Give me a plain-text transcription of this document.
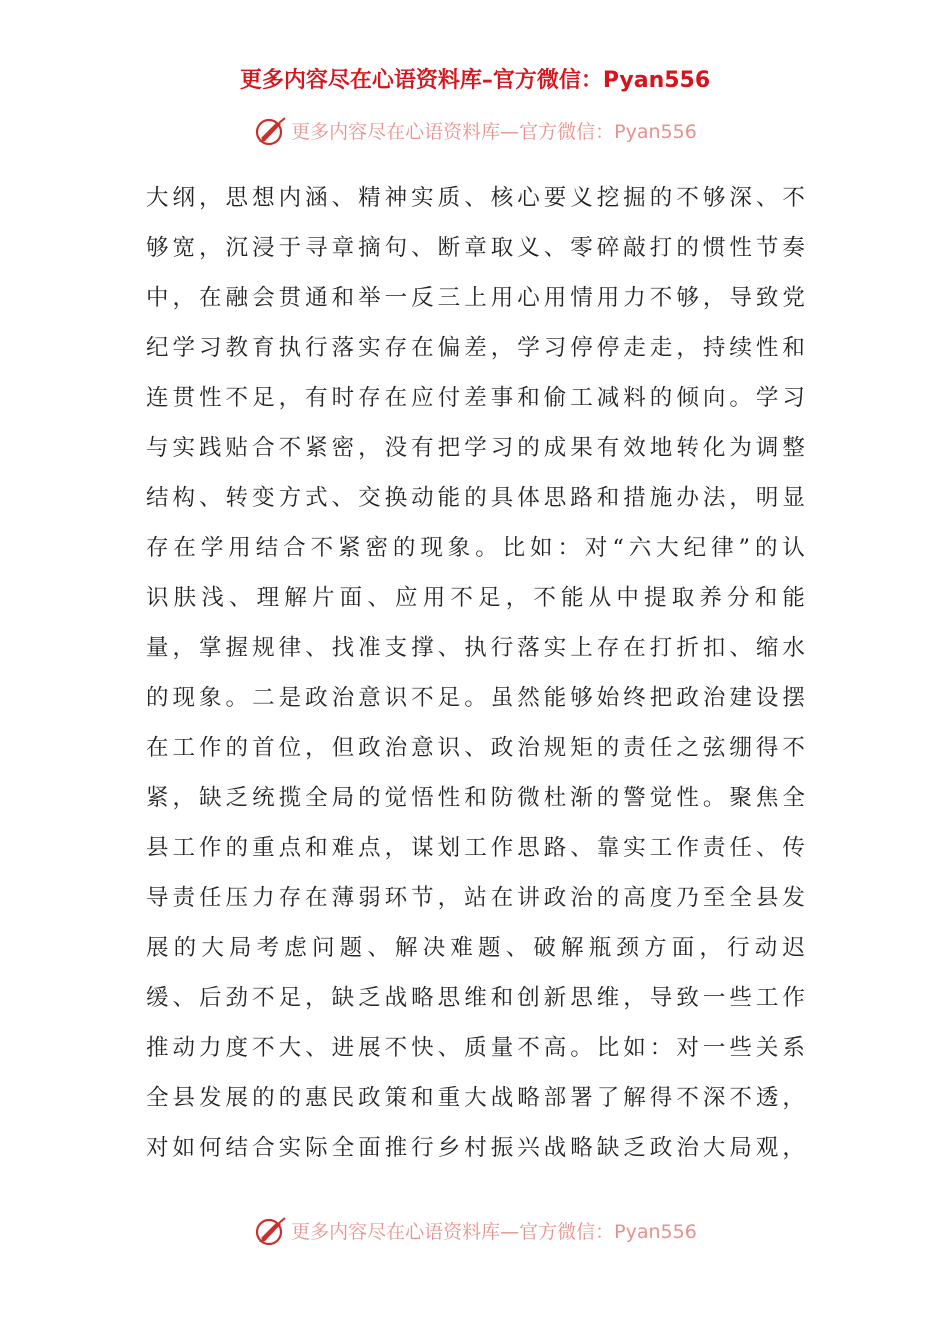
更多内容尽在心语资料库–官方微信：Pyan556
更多内容尽在心语资料库—官方微信：Pyan556
大纲，思想内涵、精神实质、核心要义挖掘的不够深、不
够宽，沉浸于寻章摘句、断章取义、零碎敲打的惯性节奏
中，在融会贯通和举一反三上用心用情用力不够，导致党
纪学习教育执行落实存在偏差，学习停停走走，持续性和
连贯性不足，有时存在应付差事和偷工减料的倾向。学习
与实践贴合不紧密，没有把学习的成果有效地转化为调整
结构、转变方式、交换动能的具体思路和措施办法，明显
存在学用结合不紧密的现象。比如：对“六大纪律”的认
识肤浅、理解片面、应用不足，不能从中提取养分和能
量，掌握规律、找准支撑、执行落实上存在打折扣、缩水
的现象。二是政治意识不足。虽然能够始终把政治建设摆
在工作的首位，但政治意识、政治规矩的责任之弦绷得不
紧，缺乏统揽全局的觉悟性和防微杜渐的警觉性。聚焦全
县工作的重点和难点，谋划工作思路、靠实工作责任、传
导责任压力存在薄弱环节，站在讲政治的高度乃至全县发
展的大局考虑问题、解决难题、破解瓶颈方面，行动迟
缓、后劲不足，缺乏战略思维和创新思维，导致一些工作
推动力度不大、进展不快、质量不高。比如：对一些关系
全县发展的的惠民政策和重大战略部署了解得不深不透，
对如何结合实际全面推行乡村振兴战略缺乏政治大局观，
更多内容尽在心语资料库—官方微信：Pyan556
